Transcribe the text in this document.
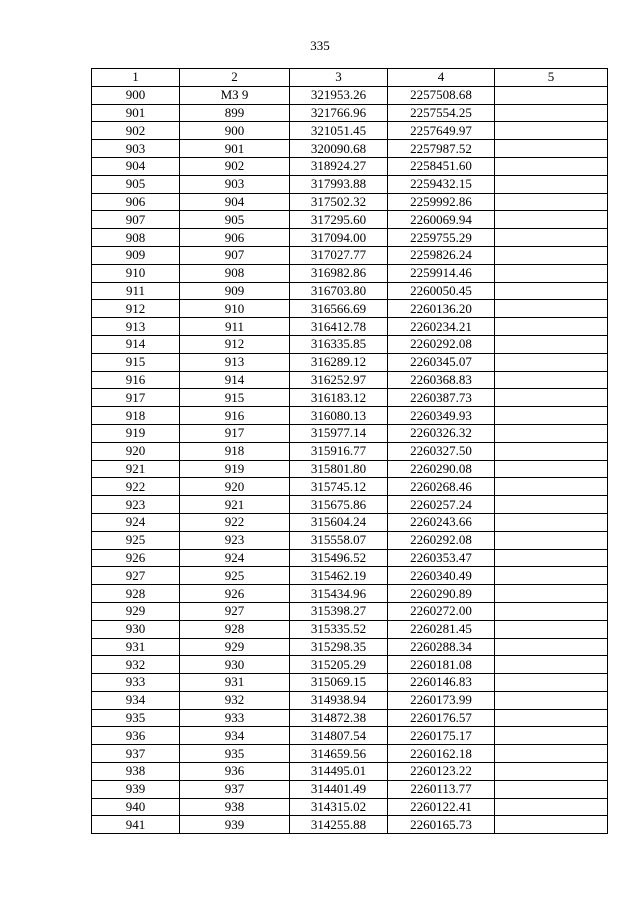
335
1	2	3	4	5
900	МЗ 9	321953.26	2257508.68	
901	899	321766.96	2257554.25	
902	900	321051.45	2257649.97	
903	901	320090.68	2257987.52	
904	902	318924.27	2258451.60	
905	903	317993.88	2259432.15	
906	904	317502.32	2259992.86	
907	905	317295.60	2260069.94	
908	906	317094.00	2259755.29	
909	907	317027.77	2259826.24	
910	908	316982.86	2259914.46	
911	909	316703.80	2260050.45	
912	910	316566.69	2260136.20	
913	911	316412.78	2260234.21	
914	912	316335.85	2260292.08	
915	913	316289.12	2260345.07	
916	914	316252.97	2260368.83	
917	915	316183.12	2260387.73	
918	916	316080.13	2260349.93	
919	917	315977.14	2260326.32	
920	918	315916.77	2260327.50	
921	919	315801.80	2260290.08	
922	920	315745.12	2260268.46	
923	921	315675.86	2260257.24	
924	922	315604.24	2260243.66	
925	923	315558.07	2260292.08	
926	924	315496.52	2260353.47	
927	925	315462.19	2260340.49	
928	926	315434.96	2260290.89	
929	927	315398.27	2260272.00	
930	928	315335.52	2260281.45	
931	929	315298.35	2260288.34	
932	930	315205.29	2260181.08	
933	931	315069.15	2260146.83	
934	932	314938.94	2260173.99	
935	933	314872.38	2260176.57	
936	934	314807.54	2260175.17	
937	935	314659.56	2260162.18	
938	936	314495.01	2260123.22	
939	937	314401.49	2260113.77	
940	938	314315.02	2260122.41	
941	939	314255.88	2260165.73	
